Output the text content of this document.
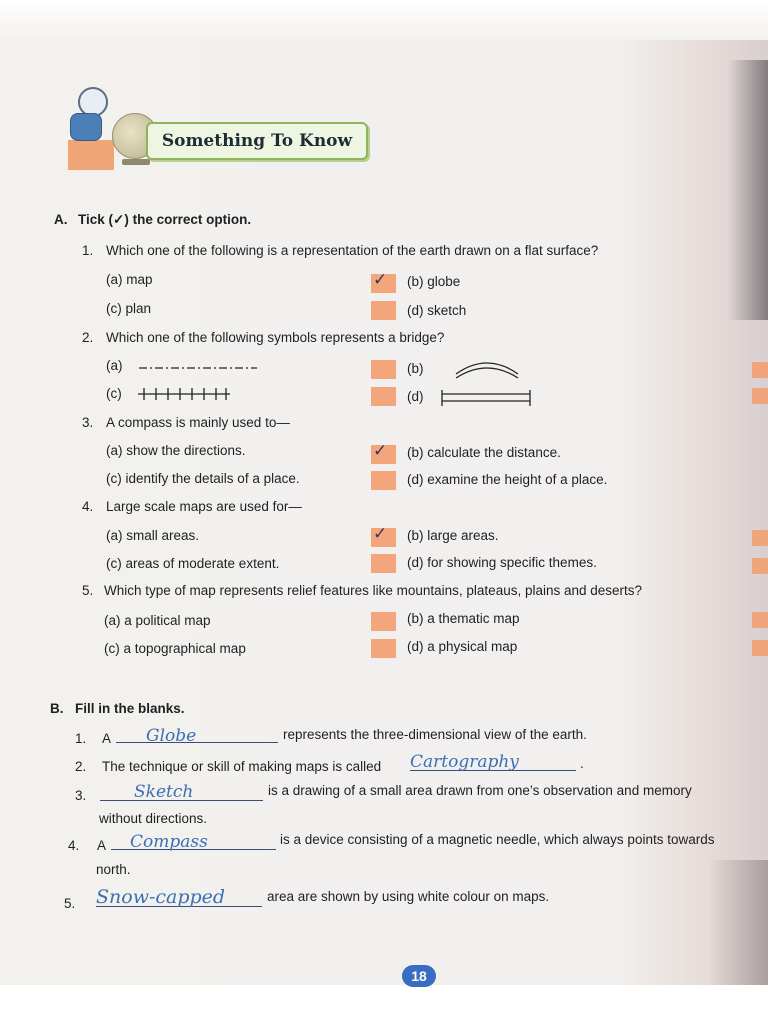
Something To Know
A. Tick (✓) the correct option.
1. Which one of the following is a representation of the earth drawn on a flat surface?
(a) map	✓ (b) globe
(c) plan	(d) sketch
2. Which one of the following symbols represents a bridge?
(a)	(b)
(c)	(d)
3. A compass is mainly used to—
(a) show the directions.	✓ (b) calculate the distance.
(c) identify the details of a place.	(d) examine the height of a place.
4. Large scale maps are used for—
(a) small areas.	✓ (b) large areas.
(c) areas of moderate extent.	(d) for showing specific themes.
5. Which type of map represents relief features like mountains, plateaus, plains and deserts?
(a) a political map	(b) a thematic map
(c) a topographical map	(d) a physical map
B. Fill in the blanks.
1. A Globe	represents the three-dimensional view of the earth.
2. The technique or skill of making maps is called Cartography	.
3.	Sketch	is a drawing of a small area drawn from one’s observation and memory
without directions.
4. A Compass	is a device consisting of a magnetic needle, which always points towards
north.
5. Snow-capped	area are shown by using white colour on maps.
18
